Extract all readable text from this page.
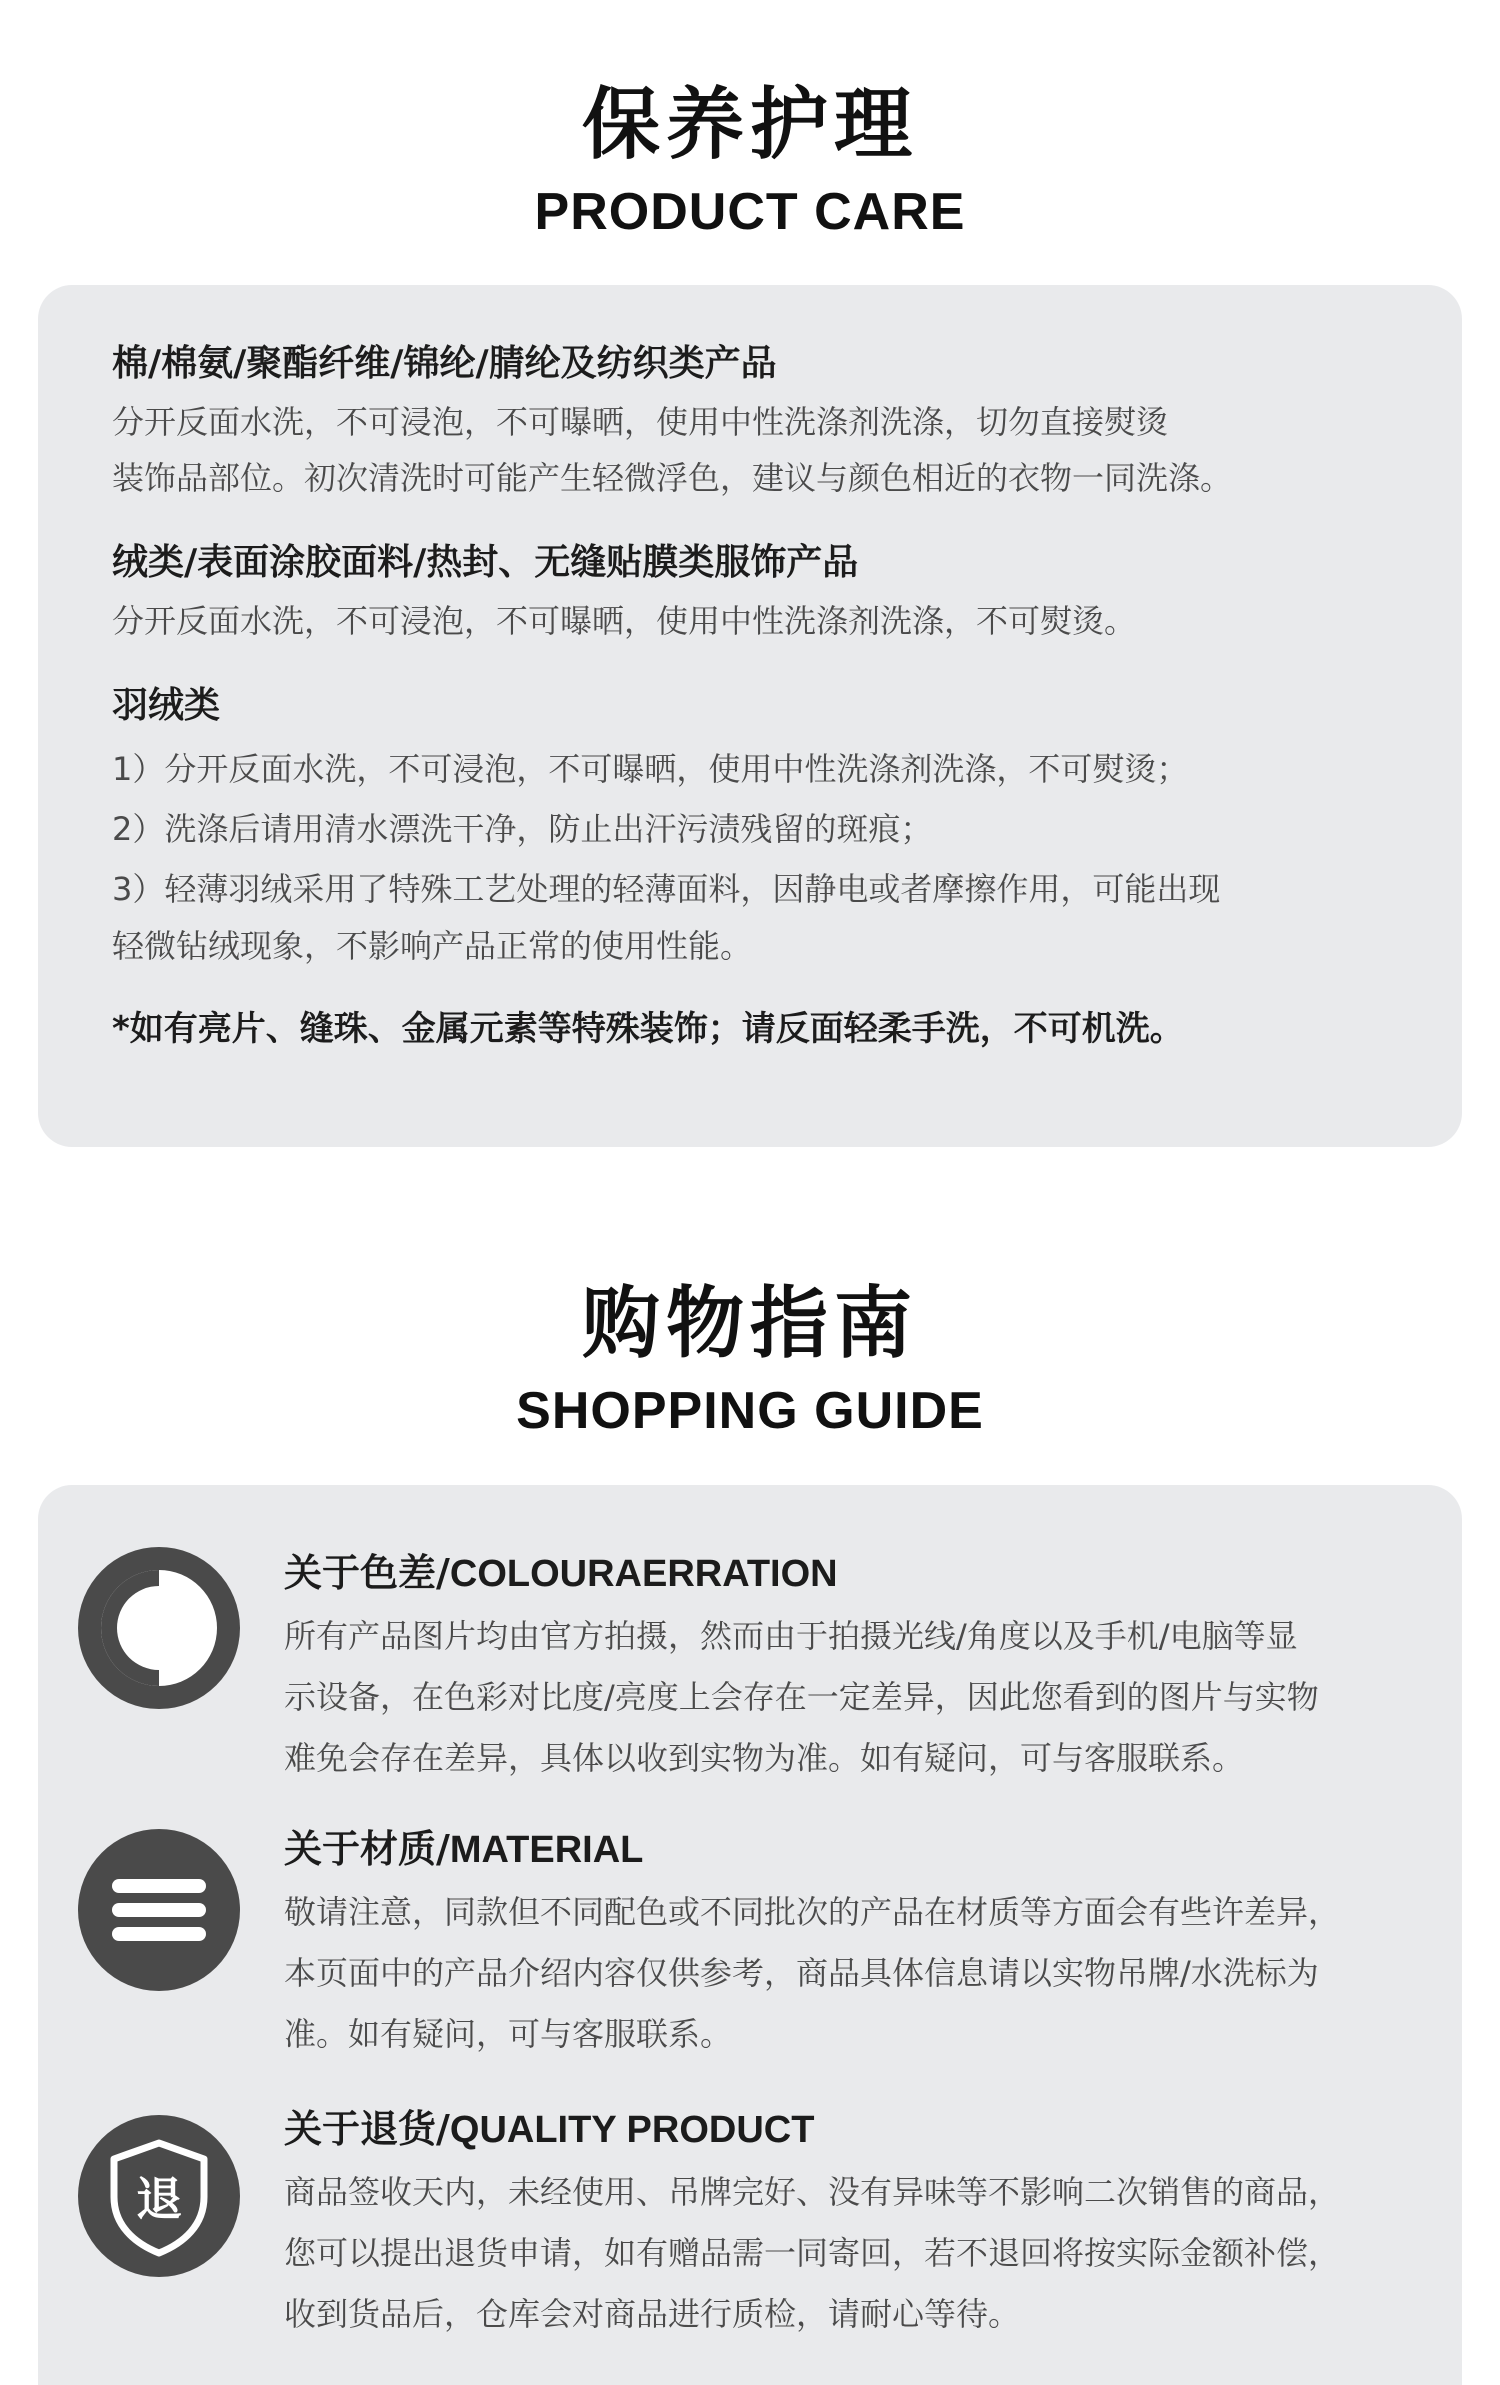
保养护理
PRODUCT CARE
棉/棉氨/聚酯纤维/锦纶/腈纶及纺织类产品
分开反面水洗，不可浸泡，不可曝晒，使用中性洗涤剂洗涤，切勿直接熨烫
装饰品部位。初次清洗时可能产生轻微浮色，建议与颜色相近的衣物一同洗涤。
绒类/表面涂胶面料/热封、无缝贴膜类服饰产品
分开反面水洗，不可浸泡，不可曝晒，使用中性洗涤剂洗涤，不可熨烫。
羽绒类
1）分开反面水洗，不可浸泡，不可曝晒，使用中性洗涤剂洗涤，不可熨烫；
2）洗涤后请用清水漂洗干净，防止出汗污渍残留的斑痕；
3）轻薄羽绒采用了特殊工艺处理的轻薄面料，因静电或者摩擦作用，可能出现
轻微钻绒现象，不影响产品正常的使用性能。
*如有亮片、缝珠、金属元素等特殊装饰；请反面轻柔手洗，不可机洗。
购物指南
SHOPPING GUIDE
关于色差/COLOURAERRATION
所有产品图片均由官方拍摄，然而由于拍摄光线/角度以及手机/电脑等显
示设备，在色彩对比度/亮度上会存在一定差异，因此您看到的图片与实物
难免会存在差异，具体以收到实物为准。如有疑问，可与客服联系。
关于材质/MATERIAL
敬请注意，同款但不同配色或不同批次的产品在材质等方面会有些许差异，
本页面中的产品介绍内容仅供参考，商品具体信息请以实物吊牌/水洗标为
准。如有疑问，可与客服联系。
退
关于退货/QUALITY PRODUCT
商品签收天内，未经使用、吊牌完好、没有异味等不影响二次销售的商品，
您可以提出退货申请，如有赠品需一同寄回，若不退回将按实际金额补偿，
收到货品后，仓库会对商品进行质检，请耐心等待。
